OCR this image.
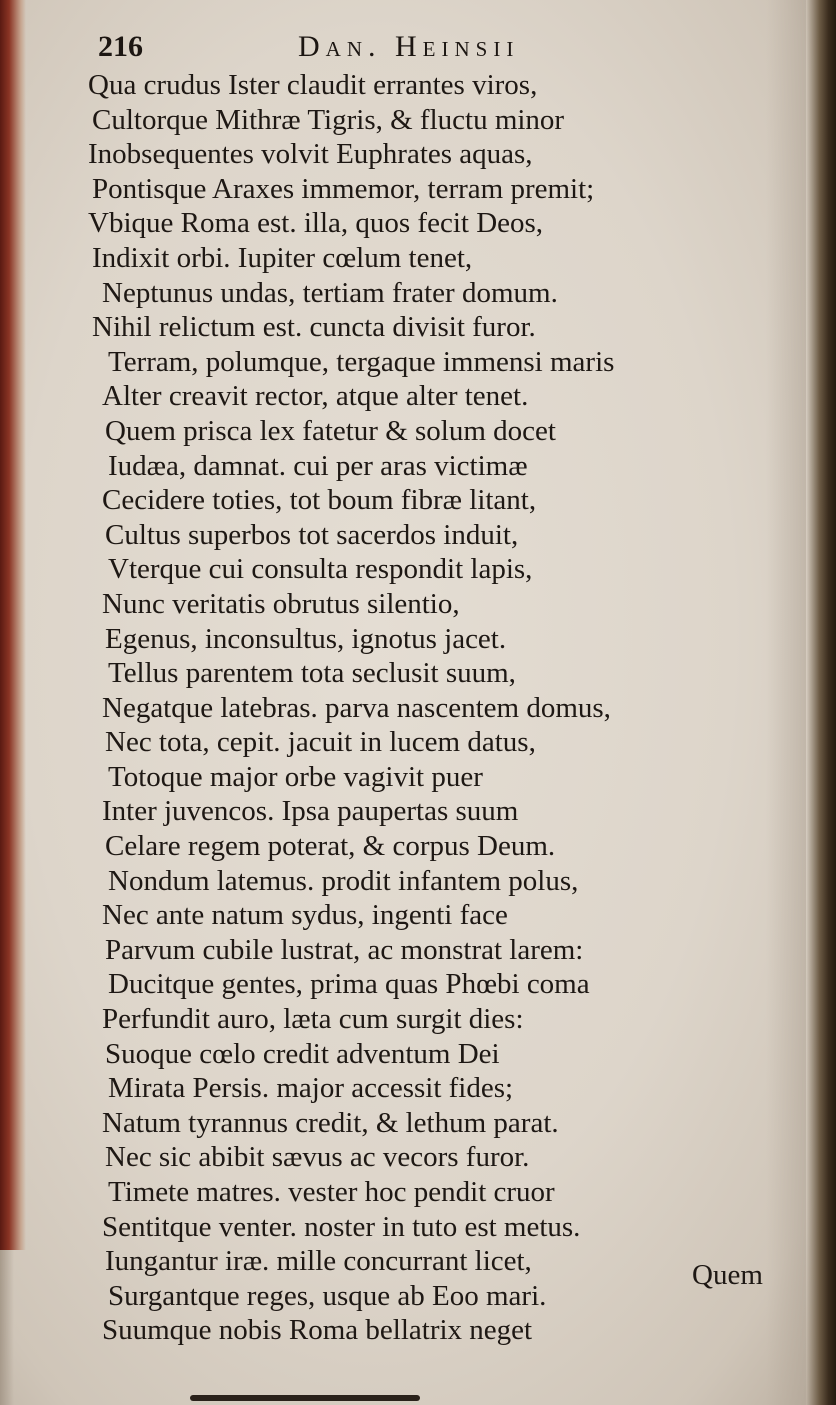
216	Dan. Heinsii
Qua crudus Ister claudit errantes viros,
Cultorque Mithræ Tigris, & fluctu minor
Inobsequentes volvit Euphrates aquas,
Pontisque Araxes immemor, terram premit;
Vbique Roma est. illa, quos fecit Deos,
Indixit orbi. Iupiter cœlum tenet,
Neptunus undas, tertiam frater domum.
Nihil relictum est. cuncta divisit furor.
Terram, polumque, tergaque immensi maris
Alter creavit rector, atque alter tenet.
Quem prisca lex fatetur & solum docet
Iudæa, damnat. cui per aras victimæ
Cecidere toties, tot boum fibræ litant,
Cultus superbos tot sacerdos induit,
Vterque cui consulta respondit lapis,
Nunc veritatis obrutus silentio,
Egenus, inconsultus, ignotus jacet.
Tellus parentem tota seclusit suum,
Negatque latebras. parva nascentem domus,
Nec tota, cepit. jacuit in lucem datus,
Totoque major orbe vagivit puer
Inter juvencos. Ipsa paupertas suum
Celare regem poterat, & corpus Deum.
Nondum latemus. prodit infantem polus,
Nec ante natum sydus, ingenti face
Parvum cubile lustrat, ac monstrat larem:
Ducitque gentes, prima quas Phœbi coma
Perfundit auro, læta cum surgit dies:
Suoque cœlo credit adventum Dei
Mirata Persis. major accessit fides;
Natum tyrannus credit, & lethum parat.
Nec sic abibit sævus ac vecors furor.
Timete matres. vester hoc pendit cruor
Sentitque venter. noster in tuto est metus.
Iungantur iræ. mille concurrant licet,
Surgantque reges, usque ab Eoo mari.
Suumque nobis Roma bellatrix neget
Quem
